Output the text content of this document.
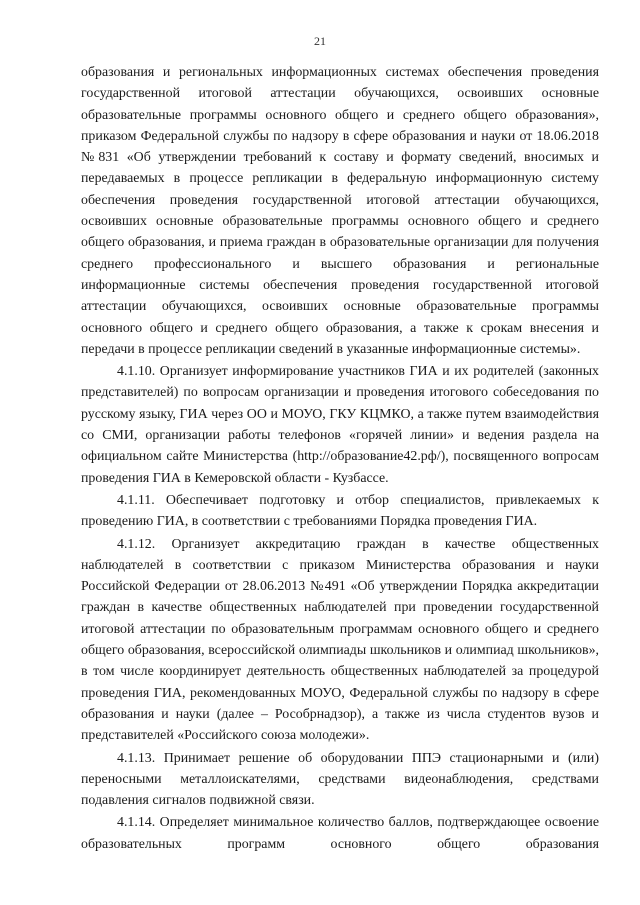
21

образования и региональных информационных системах обеспечения проведения государственной итоговой аттестации обучающихся, освоивших основные образовательные программы основного общего и среднего общего образования», приказом Федеральной службы по надзору в сфере образования и науки от 18.06.2018 №831 «Об утверждении требований к составу и формату сведений, вносимых и передаваемых в процессе репликации в федеральную информационную систему обеспечения проведения государственной итоговой аттестации обучающихся, освоивших основные образовательные программы основного общего и среднего общего образования, и приема граждан в образовательные организации для получения среднего профессионального и высшего образования и региональные информационные системы обеспечения проведения государственной итоговой аттестации обучающихся, освоивших основные образовательные программы основного общего и среднего общего образования, а также к срокам внесения и передачи в процессе репликации сведений в указанные информационные системы».

4.1.10. Организует информирование участников ГИА и их родителей (законных представителей) по вопросам организации и проведения итогового собеседования по русскому языку, ГИА через ОО и МОУО, ГКУ КЦМКО, а также путем взаимодействия со СМИ, организации работы телефонов «горячей линии» и ведения раздела на официальном сайте Министерства (http://образование42.рф/), посвященного вопросам проведения ГИА в Кемеровской области - Кузбассе.

4.1.11. Обеспечивает подготовку и отбор специалистов, привлекаемых к проведению ГИА, в соответствии с требованиями Порядка проведения ГИА.

4.1.12. Организует аккредитацию граждан в качестве общественных наблюдателей в соответствии с приказом Министерства образования и науки Российской Федерации от 28.06.2013 №491 «Об утверждении Порядка аккредитации граждан в качестве общественных наблюдателей при проведении государственной итоговой аттестации по образовательным программам основного общего и среднего общего образования, всероссийской олимпиады школьников и олимпиад школьников», в том числе координирует деятельность общественных наблюдателей за процедурой проведения ГИА, рекомендованных МОУО, Федеральной службы по надзору в сфере образования и науки (далее – Рособрнадзор), а также из числа студентов вузов и представителей «Российского союза молодежи».

4.1.13. Принимает решение об оборудовании ППЭ стационарными и (или) переносными металлоискателями, средствами видеонаблюдения, средствами подавления сигналов подвижной связи.

4.1.14. Определяет минимальное количество баллов, подтверждающее освоение образовательных программ основного общего образования
